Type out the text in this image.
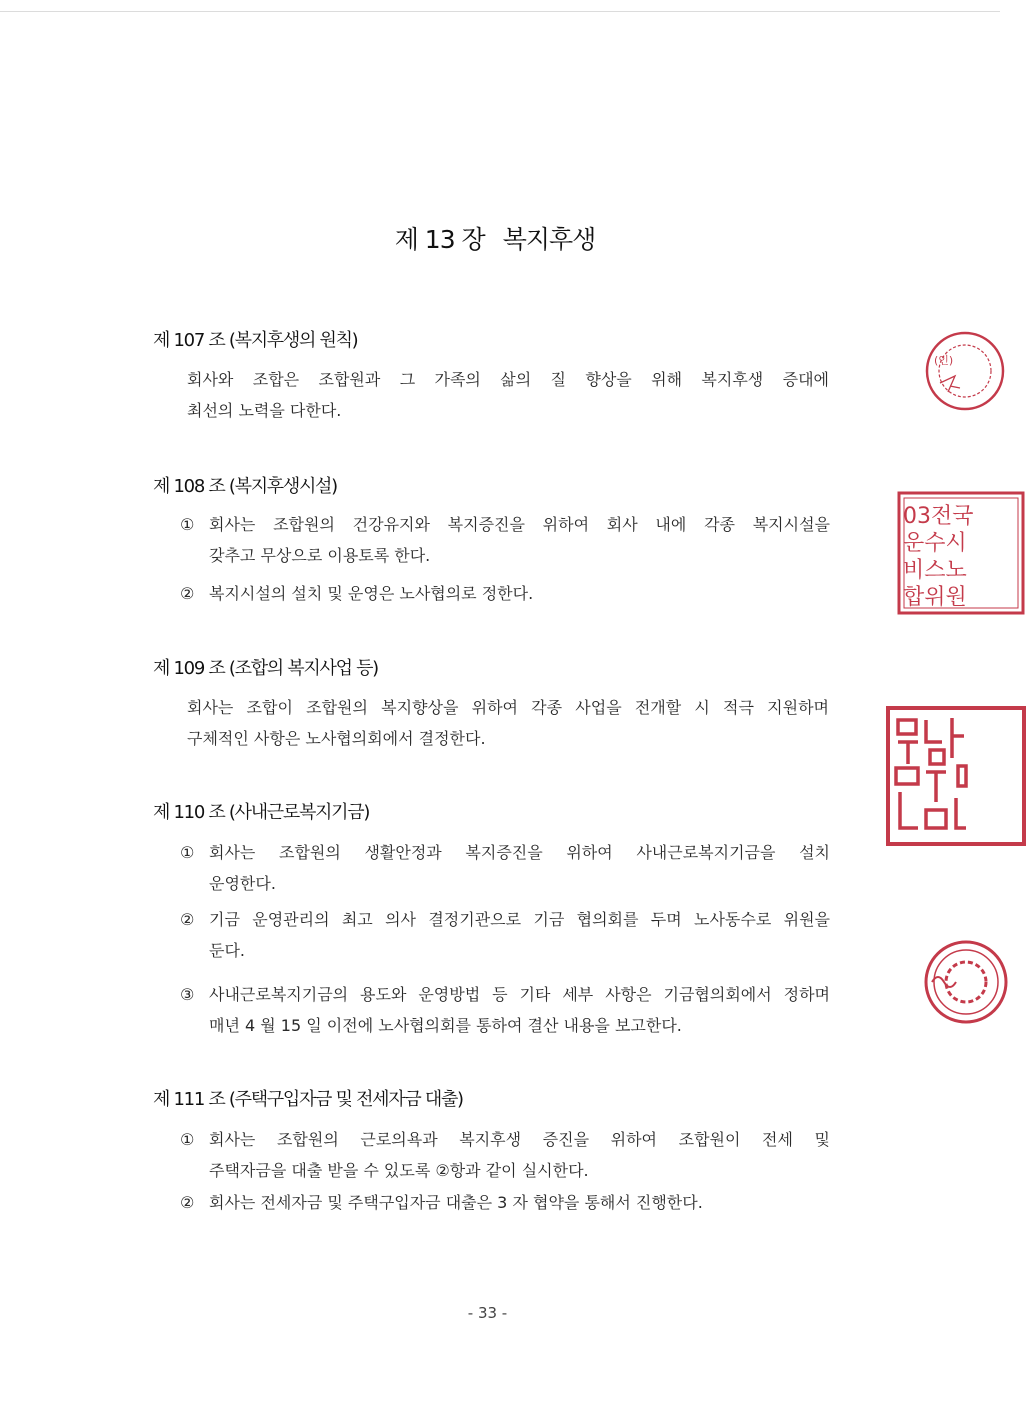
제 13 장 복지후생
제 107 조 (복지후생의 원칙)
회사와 조합은 조합원과 그 가족의 삶의 질 향상을 위해 복지후생 증대에
최선의 노력을 다한다.
제 108 조 (복지후생시설)
① 회사는 조합원의 건강유지와 복지증진을 위하여 회사 내에 각종 복지시설을
갖추고 무상으로 이용토록 한다.
② 복지시설의 설치 및 운영은 노사협의로 정한다.
제 109 조 (조합의 복지사업 등)
회사는 조합이 조합원의 복지향상을 위하여 각종 사업을 전개할 시 적극 지원하며
구체적인 사항은 노사협의회에서 결정한다.
제 110 조 (사내근로복지기금)
① 회사는 조합원의 생활안정과 복지증진을 위하여 사내근로복지기금을 설치
운영한다.
② 기금 운영관리의 최고 의사 결정기관으로 기금 협의회를 두며 노사동수로 위원을
둔다.
③ 사내근로복지기금의 용도와 운영방법 등 기타 세부 사항은 기금협의회에서 정하며
매년 4 월 15 일 이전에 노사협의회를 통하여 결산 내용을 보고한다.
제 111 조 (주택구입자금 및 전세자금 대출)
① 회사는 조합원의 근로의욕과 복지후생 증진을 위하여 조합원이 전세 및
주택자금을 대출 받을 수 있도록 ②항과 같이 실시한다.
② 회사는 전세자금 및 주택구입자금 대출은 3 자 협약을 통해서 진행한다.
- 33 -
(인)
03전국
운수시
비스노
합위원
